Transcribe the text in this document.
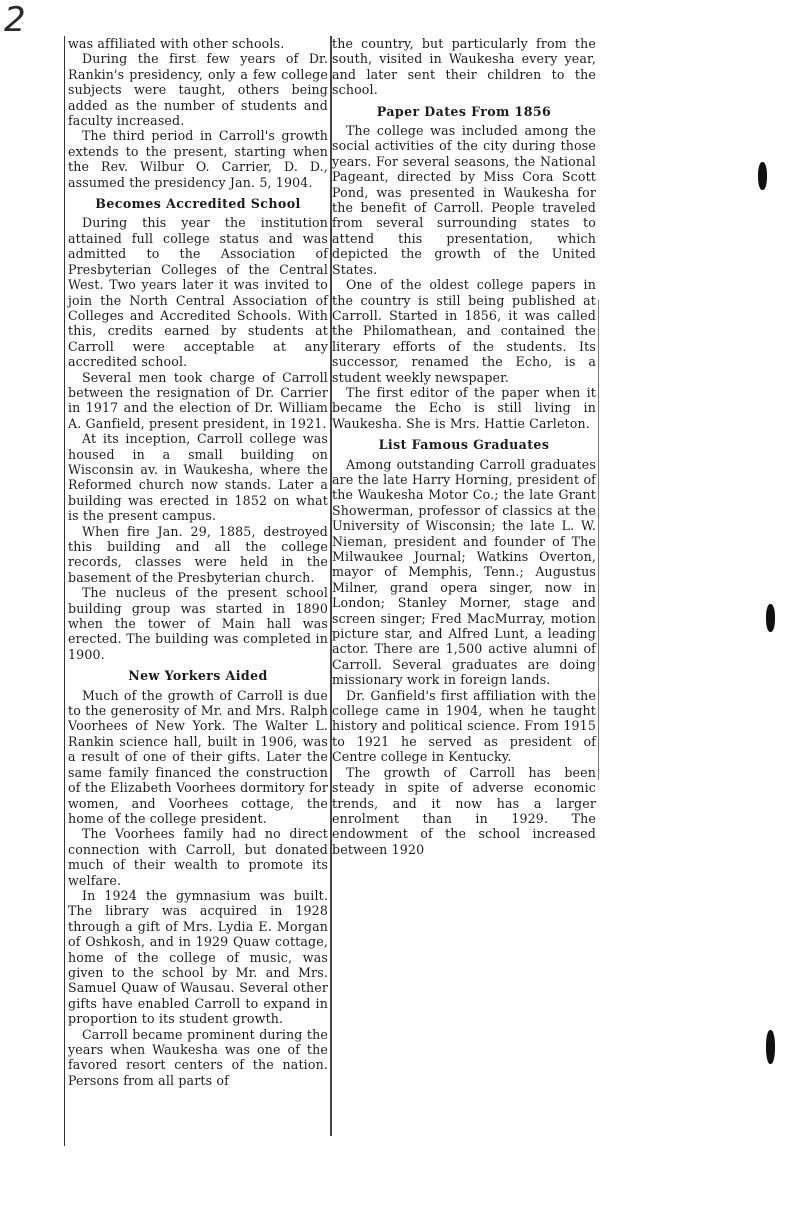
2

was affiliated with other schools.

During the first few years of Dr. Rankin's presidency, only a few college subjects were taught, others being added as the number of students and faculty increased.

The third period in Carroll's growth extends to the present, starting when the Rev. Wilbur O. Carrier, D. D., assumed the presidency Jan. 5, 1904.

Becomes Accredited School

During this year the institution attained full college status and was admitted to the Association of Presbyterian Colleges of the Central West. Two years later it was invited to join the North Central Association of Colleges and Accredited Schools. With this, credits earned by students at Carroll were acceptable at any accredited school.

Several men took charge of Carroll between the resignation of Dr. Carrier in 1917 and the election of Dr. William A. Ganfield, present president, in 1921.

At its inception, Carroll college was housed in a small building on Wisconsin av. in Waukesha, where the Reformed church now stands. Later a building was erected in 1852 on what is the present campus.

When fire Jan. 29, 1885, destroyed this building and all the college records, classes were held in the basement of the Presbyterian church.

The nucleus of the present school building group was started in 1890 when the tower of Main hall was erected. The building was completed in 1900.

New Yorkers Aided

Much of the growth of Carroll is due to the generosity of Mr. and Mrs. Ralph Voorhees of New York. The Walter L. Rankin science hall, built in 1906, was a result of one of their gifts. Later the same family financed the construction of the Elizabeth Voorhees dormitory for women, and Voorhees cottage, the home of the college president.

The Voorhees family had no direct connection with Carroll, but donated much of their wealth to promote its welfare.

In 1924 the gymnasium was built. The library was acquired in 1928 through a gift of Mrs. Lydia E. Morgan of Oshkosh, and in 1929 Quaw cottage, home of the college of music, was given to the school by Mr. and Mrs. Samuel Quaw of Wausau. Several other gifts have enabled Carroll to expand in proportion to its student growth.

Carroll became prominent during the years when Waukesha was one of the favored resort centers of the nation. Persons from all parts of

the country, but particularly from the south, visited in Waukesha every year, and later sent their children to the school.

Paper Dates From 1856

The college was included among the social activities of the city during those years. For several seasons, the National Pageant, directed by Miss Cora Scott Pond, was presented in Waukesha for the benefit of Carroll. People traveled from several surrounding states to attend this presentation, which depicted the growth of the United States.

One of the oldest college papers in the country is still being published at Carroll. Started in 1856, it was called the Philomathean, and contained the literary efforts of the students. Its successor, renamed the Echo, is a student weekly newspaper.

The first editor of the paper when it became the Echo is still living in Waukesha. She is Mrs. Hattie Carleton.

List Famous Graduates

Among outstanding Carroll graduates are the late Harry Horning, president of the Waukesha Motor Co.; the late Grant Showerman, professor of classics at the University of Wisconsin; the late L. W. Nieman, president and founder of The Milwaukee Journal; Watkins Overton, mayor of Memphis, Tenn.; Augustus Milner, grand opera singer, now in London; Stanley Morner, stage and screen singer; Fred MacMurray, motion picture star, and Alfred Lunt, a leading actor. There are 1,500 active alumni of Carroll. Several graduates are doing missionary work in foreign lands.

Dr. Ganfield's first affiliation with the college came in 1904, when he taught history and political science. From 1915 to 1921 he served as president of Centre college in Kentucky.

The growth of Carroll has been steady in spite of adverse economic trends, and it now has a larger enrolment than in 1929. The endowment of the school increased between 1920
